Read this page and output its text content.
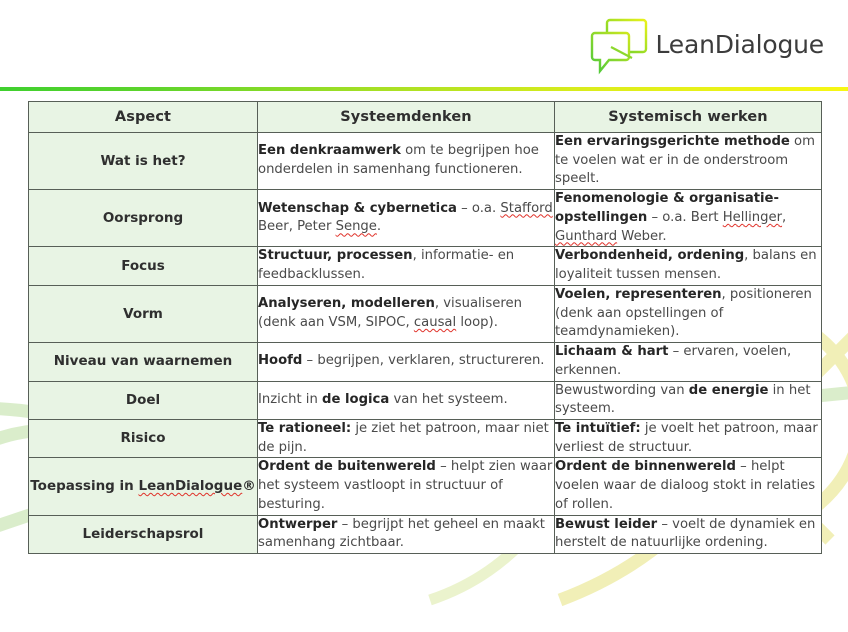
LeanDialogue
Aspect	Systeemdenken	Systemisch werken
Wat is het?	Een denkraamwerk om te begrijpen hoe onderdelen in samenhang functioneren.	Een ervaringsgerichte methode om te voelen wat er in de onderstroom speelt.
Oorsprong	Wetenschap & cybernetica – o.a. Stafford Beer, Peter Senge.	Fenomenologie & organisatie-opstellingen – o.a. Bert Hellinger, Gunthard Weber.
Focus	Structuur, processen, informatie- en feedbacklussen.	Verbondenheid, ordening, balans en loyaliteit tussen mensen.
Vorm	Analyseren, modelleren, visualiseren (denk aan VSM, SIPOC, causal loop).	Voelen, representeren, positioneren (denk aan opstellingen of teamdynamieken).
Niveau van waarnemen	Hoofd – begrijpen, verklaren, structureren.	Lichaam & hart – ervaren, voelen, erkennen.
Doel	Inzicht in de logica van het systeem.	Bewustwording van de energie in het systeem.
Risico	Te rationeel: je ziet het patroon, maar niet de pijn.	Te intuïtief: je voelt het patroon, maar verliest de structuur.
Toepassing in LeanDialogue®	Ordent de buitenwereld – helpt zien waar het systeem vastloopt in structuur of besturing.	Ordent de binnenwereld – helpt voelen waar de dialoog stokt in relaties of rollen.
Leiderschapsrol	Ontwerper – begrijpt het geheel en maakt samenhang zichtbaar.	Bewust leider – voelt de dynamiek en herstelt de natuurlijke ordening.
